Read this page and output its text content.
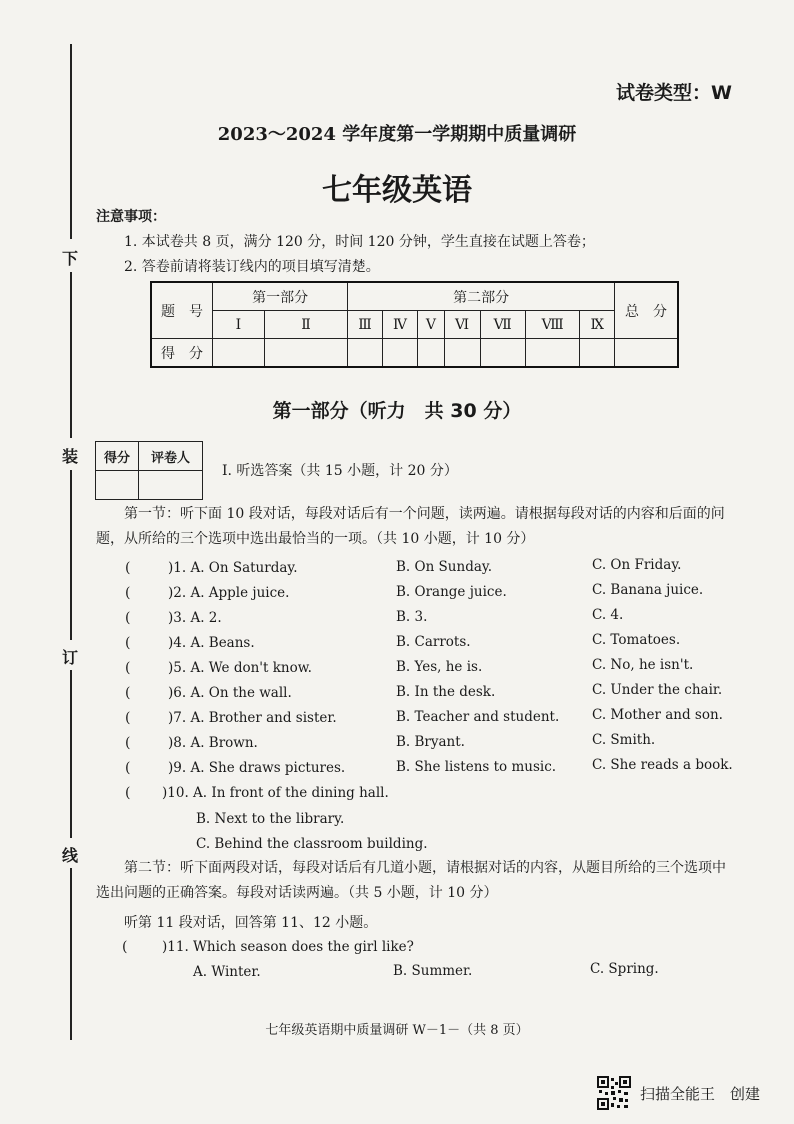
下
装
订
线
试卷类型：W
2023～2024 学年度第一学期期中质量调研
七年级英语
注意事项：
1. 本试卷共 8 页，满分 120 分，时间 120 分钟，学生直接在试题上答卷；
2. 答卷前请将装订线内的项目填写清楚。
题　号	第一部分		第二部分							总　分
	Ⅰ	Ⅱ	Ⅲ	Ⅳ	Ⅴ	Ⅵ	Ⅶ	Ⅷ	Ⅸ	
得　分										
第一部分（听力　共 30 分）
得分	评卷人

Ⅰ. 听选答案（共 15 小题，计 20 分）
第一节：听下面 10 段对话，每段对话后有一个问题，读两遍。请根据每段对话的内容和后面的问题，从所给的三个选项中选出最恰当的一项。（共 10 小题，计 10 分）
(	)1. A. On Saturday.	B. On Sunday.	C. On Friday.
(	)2. A. Apple juice.	B. Orange juice.	C. Banana juice.
(	)3. A. 2.	B. 3.	C. 4.
(	)4. A. Beans.	B. Carrots.	C. Tomatoes.
(	)5. A. We don't know.	B. Yes, he is.	C. No, he isn't.
(	)6. A. On the wall.	B. In the desk.	C. Under the chair.
(	)7. A. Brother and sister.	B. Teacher and student. C. Mother and son.
(	)8. A. Brown.	B. Bryant.	C. Smith.
(	)9. A. She draws pictures.	B. She listens to music.	C. She reads a book.
( )10. A. In front of the dining hall.
B. Next to the library.
C. Behind the classroom building.
第二节：听下面两段对话，每段对话后有几道小题，请根据对话的内容，从题目所给的三个选项中选出问题的正确答案。每段对话读两遍。（共 5 小题，计 10 分）
听第 11 段对话，回答第 11、12 小题。
(	)11. Which season does the girl like?
A. Winter.	B. Summer.	C. Spring.
七年级英语期中质量调研 W－1－（共 8 页）
扫描全能王　创建
